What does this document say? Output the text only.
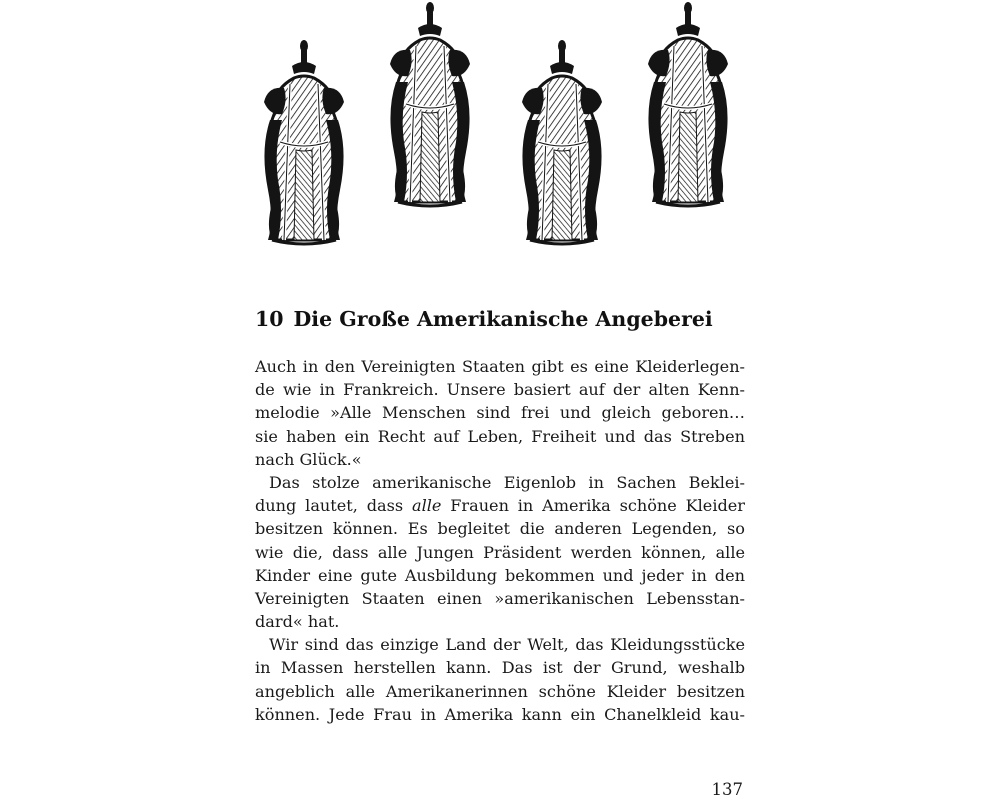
10 Die Große Amerikanische Angeberei
Auch in den Vereinigten Staaten gibt es eine Kleiderlegen-
de wie in Frankreich. Unsere basiert auf der alten Kenn-
melodie »Alle Menschen sind frei und gleich geboren…
sie haben ein Recht auf Leben, Freiheit und das Streben
nach Glück.«
Das stolze amerikanische Eigenlob in Sachen Beklei-
dung lautet, dass alle Frauen in Amerika schöne Kleider
besitzen können. Es begleitet die anderen Legenden, so
wie die, dass alle Jungen Präsident werden können, alle
Kinder eine gute Ausbildung bekommen und jeder in den
Vereinigten Staaten einen »amerikanischen Lebensstan-
dard« hat.
Wir sind das einzige Land der Welt, das Kleidungsstücke
in Massen herstellen kann. Das ist der Grund, weshalb
angeblich alle Amerikanerinnen schöne Kleider besitzen
können. Jede Frau in Amerika kann ein Chanelkleid kau-
137
